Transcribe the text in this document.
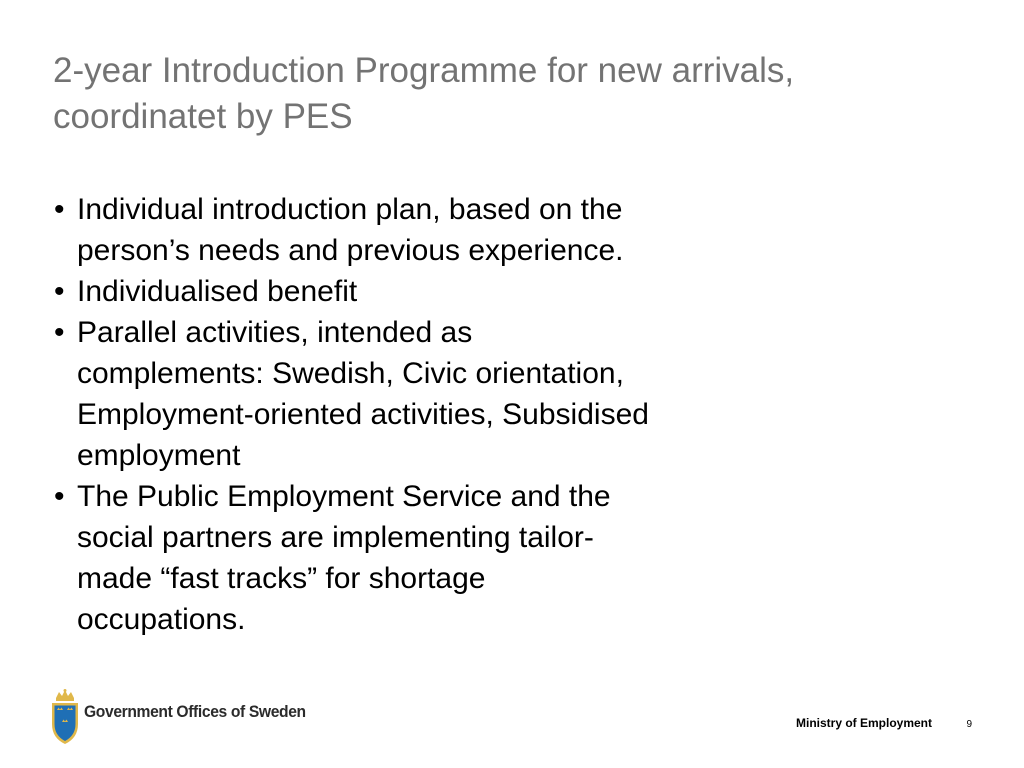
2-year Introduction Programme for new arrivals, coordinatet by PES
• Individual introduction plan, based on the person’s needs and previous experience.
• Individualised benefit
• Parallel activities, intended as complements: Swedish, Civic orientation, Employment-oriented activities, Subsidised employment
• The Public Employment Service and the social partners are implementing tailor-made “fast tracks” for shortage occupations.
Government Offices of Sweden
Ministry of Employment	9
